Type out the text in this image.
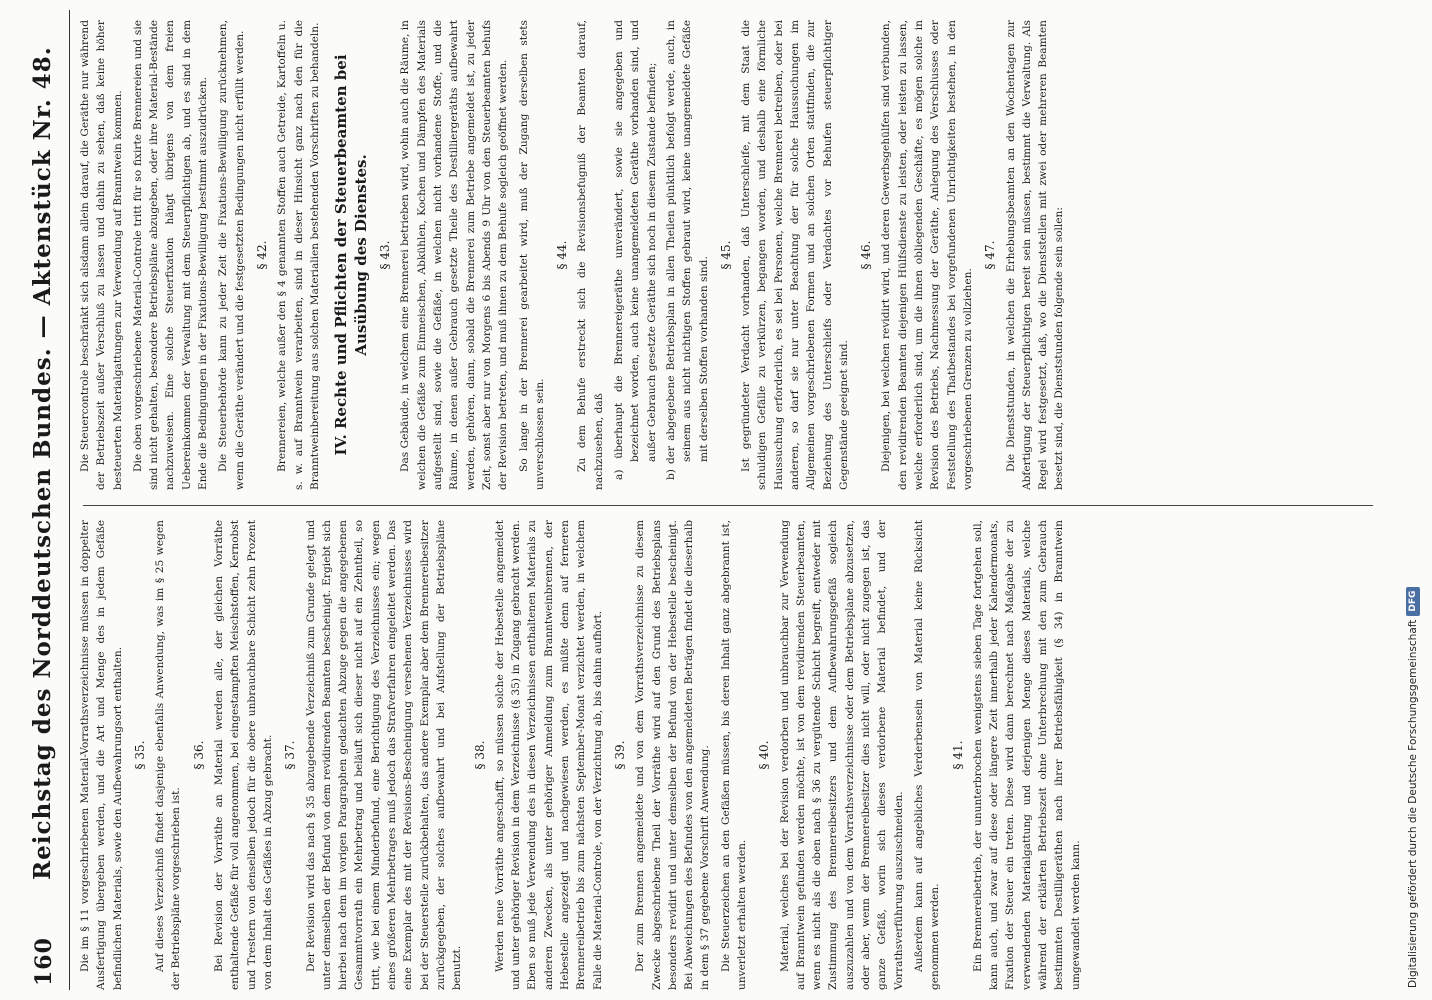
160
Reichstag des Norddeutschen Bundes. — Aktenstück Nr. 48. Die im § 11 vorgeschriebenen Material-Vorrathsverzeichnisse müssen in doppelter Ausfertigung übergeben werden, und die Art und Menge des in jedem Gefäße befindlichen Materials, sowie den Aufbewahrungsort enthalten. § 35. Auf dieses Verzeichniß findet dasjenige ebenfalls Anwendung, was im § 25 wegen der Betriebspläne vorgeschrieben ist.
§ 36. Bei Revision der Vorräthe an Material werden alle, der gleichen Vorräthe enthaltende Gefäße für voll angenommen, bei eingestampften Meischstoffen, Kernobst und Trestern von denselben jedoch für die obere unbrauchbare Schicht zehn Prozent von dem Inhalt des Gefäßes in Abzug gebracht. § 37. Der Revision wird das nach § 35 abzugebende Verzeichniß zum Grunde gelegt und unter demselben der Befund von dem revidirenden Beamten bescheinigt. Ergiebt sich hierbei nach dem im vorigen Paragraphen gedachten Abzuge gegen die angegebenen Gesammtvorrath ein Mehrbetrag und beläuft sich dieser nicht auf ein Zehntheil, so tritt, wie bei einem Minderbefund, eine Berichtigung des Verzeichnisses ein; wegen eines größeren Mehrbetrages muß jedoch das Strafverfahren eingeleitet werden. Das eine Exemplar des mit der Revisions-Bescheinigung versehenen Verzeichnisses wird bei der Steuerstelle zurückbehalten, das andere Exemplar aber dem Brennereibesitzer zurückgegeben, der solches aufbewahrt und bei Aufstellung der Betriebspläne benutzt.
§ 38. Werden neue Vorräthe angeschafft, so müssen solche der Hebestelle angemeldet und unter gehöriger Revision in dem Verzeichnisse (§ 35) in Zugang gebracht werden. Eben so muß jede Verwendung des in diesen Verzeichnissen enthaltenen Materials zu anderen Zwecken, als unter gehöriger Anmeldung zum Branntweinbrennen, der Hebestelle angezeigt und nachgewiesen werden, es müßte denn auf ferneren Brennereibetrieb bis zum nächsten September-Monat verzichtet werden, in welchem Falle die Material-Controle, von der Verzichtung ab, bis dahin aufhört. § 39. Der zum Brennen angemeldete und von dem Vorrathsverzeichnisse zu diesem Zwecke abgeschriebene Theil der Vorräthe wird auf den Grund des Betriebsplans besonders revidirt und unter demselben der Befund von der Hebestelle bescheinigt. Bei Abweichungen des Befundes von den angemeldeten Beträgen findet die dieserhalb in dem § 37 gegebene Vorschrift Anwendung. Die Steuerzeichen an den Gefäßen müssen, bis deren Inhalt ganz abgebrannt ist, unverletzt erhalten werden.
§ 40. Material, welches bei der Revision verdorben und unbrauchbar zur Verwendung auf Branntwein gefunden werden möchte, ist von dem revidirenden Steuerbeamten, wenn es nicht als die oben nach § 36 zu vergütende Schicht begreift, entweder mit Zustimmung des Brennereibesitzers und dem Aufbewahrungsgefäß sogleich auszuzahlen und von dem Vorrathsverzeichnisse oder dem Betriebsplane abzusetzen, oder aber, wenn der Brennereibesitzer dies nicht will, oder nicht zugegen ist, das ganze Gefäß, worin sich dieses verdorbene Material befindet, und der Vorrathsverführung auszuschneiden. Außerdem kann auf angebliches Verderbensein von Material keine Rücksicht genommen werden.
§ 41. Ein Brennereibetrieb, der ununterbrochen wenigstens sieben Tage fortgehen soll, kann auch, und zwar auf diese oder längere Zeit innerhalb jeder Kalendermonats, Fixation der Steuer ein treten. Diese wird dann berechnet nach Maßgabe der zu verwendenden Materialgattung und derjenigen Menge dieses Materials, welche während der erklärten Betriebszeit ohne Unterbrechung mit den zum Gebrauch bestimmten Destilligeräthen nach ihrer Betriebsfähigkeit (§ 34) in Branntwein umgewandelt werden kann.
Die Steuercontrole beschränkt sich alsdann allein darauf, die Geräthe nur während der Betriebszeit außer Verschluß zu lassen und dahin zu sehen, daß keine höher besteuerten Materialgattungen zur Verwendung auf Branntwein kommen. Die oben vorgeschriebene Material-Controle tritt für so fixirte Brennereien und sie sind nicht gehalten, besondere Betriebspläne abzugeben, oder ihre Material-Bestände nachzuweisen. Eine solche Steuerfixation hängt übrigens von dem freien Uebereinkommen der Verwaltung mit dem Steuerpflichtigen ab, und es sind in dem Ende die Bedingungen in der Fixations-Bewilligung bestimmt auszudrücken. Die Steuerbehörde kann zu jeder Zeit die Fixations-Bewilligung zurücknehmen, wenn die Geräthe verändert und die festgesetzten Bedingungen nicht erfüllt werden. § 42. Brennereien, welche außer den § 4 genannten Stoffen auch Getreide, Kartoffeln u. s. w. auf Branntwein verarbeiten, sind in dieser Hinsicht ganz nach den für die Branntweinbereitung aus solchen Materialien bestehenden Vorschriften zu behandeln. IV. Rechte und Pflichten der Steuerbeamten bei Ausübung des Dienstes. § 43. Das Gebäude, in welchem eine Brennerei betrieben wird, wohin auch die Räume, in welchen die Gefäße zum Einmeischen, Abkühlen, Kochen und Dämpfen des Materials aufgestellt sind, sowie die Gefäße, in welchen nicht vorhandene Stoffe, und die Räume, in denen außer Gebrauch gesetzte Theile des Destilliergeräths aufbewahrt werden, gehören, dann, sobald die Brennerei zum Betriebe angemeldet ist, zu jeder Zeit, sonst aber nur von Morgens 6 bis Abends 9 Uhr von den Steuerbeamten behufs der Revision betreten, und muß ihnen zu dem Behufe sogleich geöffnet werden. So lange in der Brennerei gearbeitet wird, muß der Zugang derselben stets unverschlossen sein.
§ 44. Zu dem Behufe erstreckt sich die Revisionsbefugniß der Beamten darauf, nachzusehen, daß a) überhaupt die Brennereigeräthe unverändert, sowie sie angegeben und bezeichnet worden, auch keine unangemeldeten Geräthe vorhanden sind, und außer Gebrauch gesetzte Geräthe sich noch in diesem Zustande befinden; b) der abgegebene Betriebsplan in allen Theilen pünktlich befolgt werde, auch, in seinem aus nicht nichtigen Stoffen gebraut wird, keine unangemeldete Gefäße mit derselben Stoffen vorhanden sind.
§ 45. Ist gegründeter Verdacht vorhanden, daß Unterschleife, mit dem Staat die schuldigen Gefälle zu verkürzen, begangen worden, und deshalb eine förmliche Haussuchung erforderlich, es sei bei Personen, welche Brennerei betreiben, oder bei anderen, so darf sie nur unter Beachtung der für solche Haussuchungen im Allgemeinen vorgeschriebenen Formen und an solchen Orten stattfinden, die zur Beziehung des Unterschleifs oder Verdachtes vor Behufen steuerpflichtiger Gegenstände geeignet sind.
§ 46. Diejenigen, bei welchen revidirt wird, und deren Gewerbsgehülfen sind verbunden, den revidirenden Beamten diejenigen Hülfsdienste zu leisten, oder leisten zu lassen, welche erforderlich sind, um die ihnen obliegenden Geschäfte, es mögen solche in Revision des Betriebs, Nachmessung der Geräthe, Anlegung des Verschlusses oder Feststellung des Thatbestandes bei vorgefundenen Unrichtigkeiten bestehen, in den vorgeschriebenen Grenzen zu vollziehen.
§ 47. Die Dienststunden, in welchen die Erhebungsbeamten an den Wochentagen zur Abfertigung der Steuerpflichtigen bereit sein müssen, bestimmt die Verwaltung. Als Regel wird festgesetzt, daß, wo die Dienststellen mit zwei oder mehreren Beamten besetzt sind, die Dienststunden folgende sein sollen:
Digitalisierung gefördert durch die Deutsche ForschungsgemeinschaftDFG
